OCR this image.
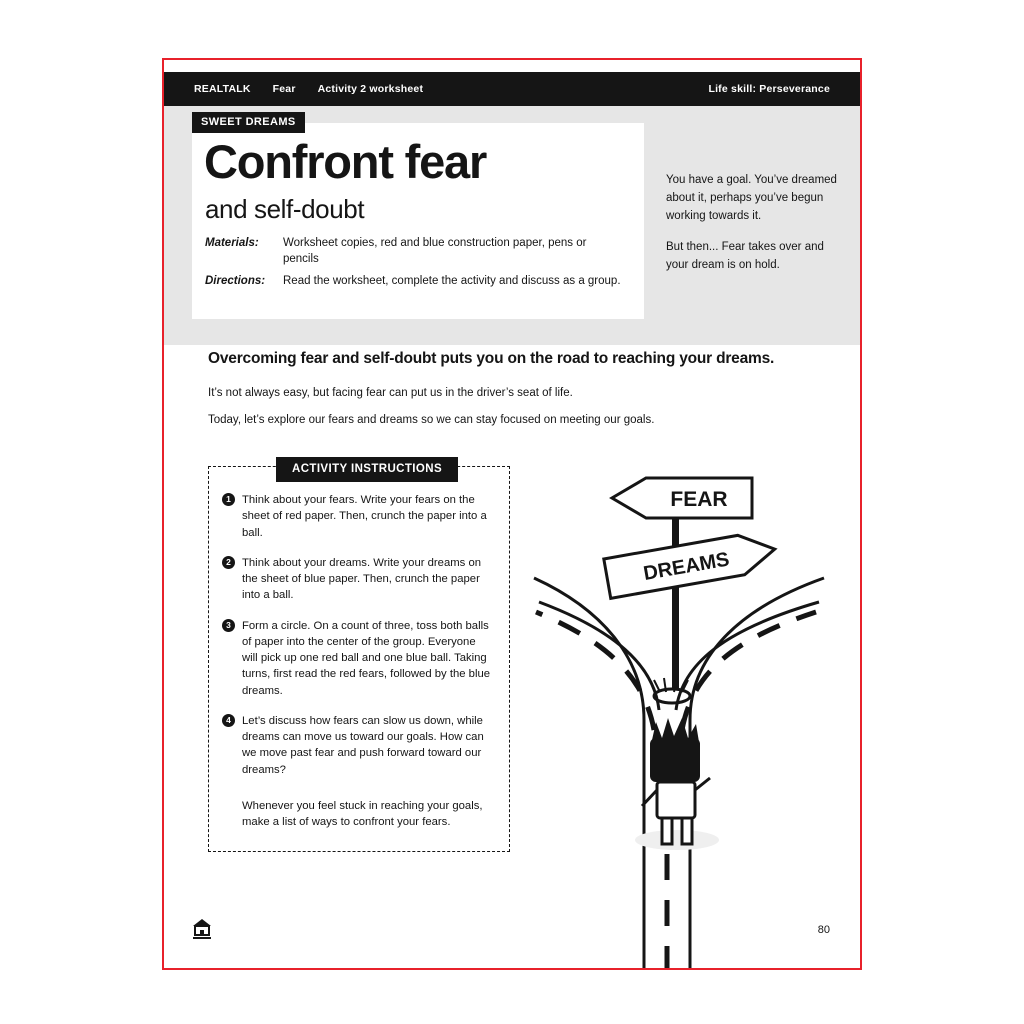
REALTALK Fear Activity 2 worksheet	Life skill: Perseverance
SWEET DREAMS
Confront fear
and self-doubt
Materials:	Worksheet copies, red and blue construction paper, pens or pencils
Directions:	Read the worksheet, complete the activity and discuss as a group.

You have a goal. You’ve dreamed about it, perhaps you’ve begun working towards it.

But then... Fear takes over and your dream is on hold.

Overcoming fear and self-doubt puts you on the road to reaching your dreams.
It’s not always easy, but facing fear can put us in the driver’s seat of life.
Today, let’s explore our fears and dreams so we can stay focused on meeting our goals.
ACTIVITY INSTRUCTIONS
1 Think about your fears. Write your fears on the sheet of red paper. Then, crunch the paper into a ball.
2 Think about your dreams. Write your dreams on the sheet of blue paper. Then, crunch the paper into a ball.
3 Form a circle. On a count of three, toss both balls of paper into the center of the group. Everyone will pick up one red ball and one blue ball. Taking turns, first read the red fears, followed by the blue dreams.
4 Let’s discuss how fears can slow us down, while dreams can move us toward our goals. How can we move past fear and push forward toward our dreams?
Whenever you feel stuck in reaching your goals, make a list of ways to confront your fears.
FEAR
DREAMS
80
